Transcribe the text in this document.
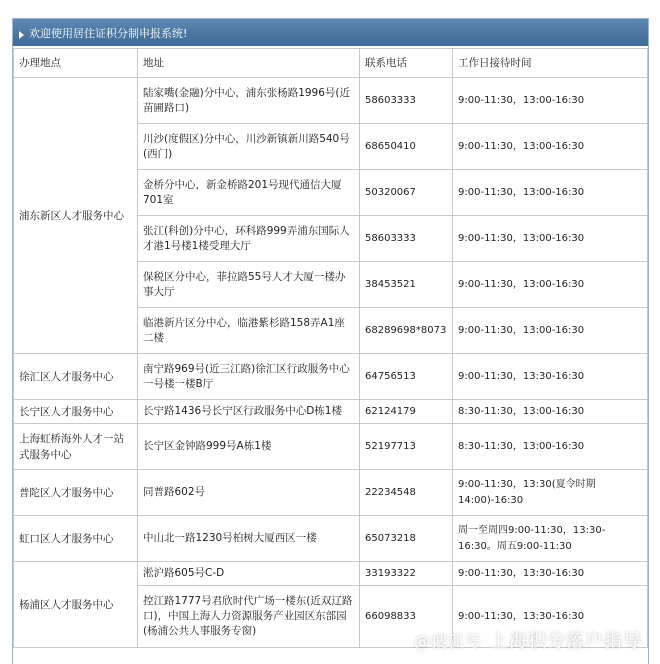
欢迎使用居住证积分制申报系统!
办理地点	地址	联系电话	工作日接待时间
浦东新区人才服务中心	陆家嘴(金融)分中心，浦东张杨路1996号(近苗圃路口)	58603333	9:00-11:30，13:00-16:30
	川沙(度假区)分中心，川沙新镇新川路540号(西门)	68650410	9:00-11:30，13:00-16:30
	金桥分中心，新金桥路201号现代通信大厦701室	50320067	9:00-11:30，13:00-16:30
	张江(科创)分中心，环科路999弄浦东国际人才港1号楼1楼受理大厅	58603333	9:00-11:30，13:00-16:30
	保税区分中心，菲拉路55号人才大厦一楼办事大厅	38453521	9:00-11:30，13:00-16:30
	临港新片区分中心，临港紫杉路158弄A1座二楼	68289698*8073	9:00-11:30，13:00-16:30
徐汇区人才服务中心	南宁路969号(近三江路)徐汇区行政服务中心一号楼一楼B厅	64756513	9:00-11:30，13:30-16:30
长宁区人才服务中心	长宁路1436号长宁区行政服务中心D栋1楼	62124179	8:30-11:30，13:00-16:30
上海虹桥海外人才一站式服务中心	长宁区金钟路999号A栋1楼	52197713	8:30-11:30，13:00-16:30
普陀区人才服务中心	同普路602号	22234548	9:00-11:30，13:30(夏令时期14:00)-16:30
虹口区人才服务中心	中山北一路1230号柏树大厦西区一楼	65073218	周一至周四9:00-11:30，13:30-16:30。周五9:00-11:30
杨浦区人才服务中心	淞沪路605号C-D	33193322	9:00-11:30，13:30-16:30
	控江路1777号君欣时代广场一楼东(近双辽路口)，中国上海人力资源服务产业园区东部园(杨浦公共人事服务专窗)	66098833	9:00-11:30，13:30-16:30
@搜狐号 上海积分落户指导
